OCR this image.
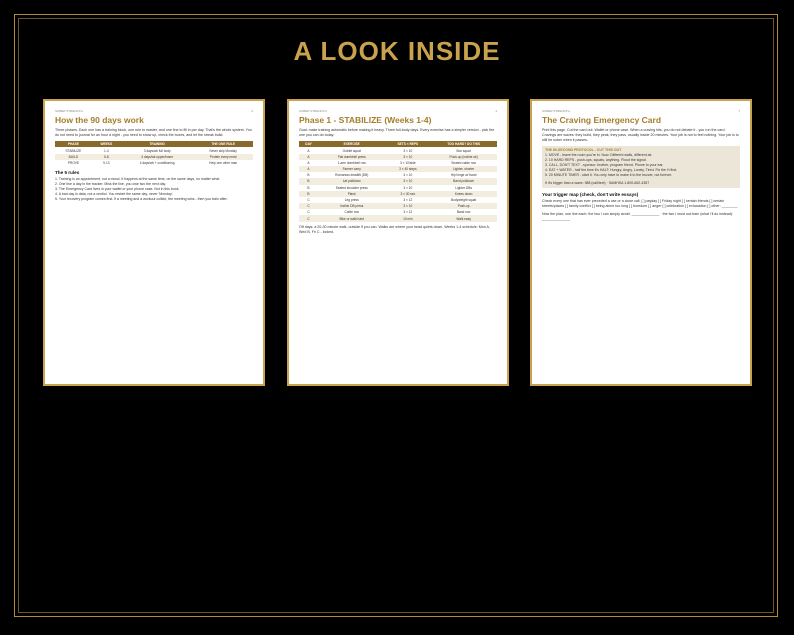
A LOOK INSIDE
SOBER STRENGTH	2
How the 90 days work
Three phases. Each one has a training block, one rule to master, and one line to fill in per day. That's the whole system. You do not need to journal for an hour a night - you need to show up, check the boxes, and let the streak build.
PHASE	WEEKS	TRAINING	THE ONE RULE
STABILIZE	1-4	3 days/wk full body	Never skip Monday
BUILD	5-8	4 days/wk upper/lower	Protein every meal
PROVE	9-13	4 days/wk + conditioning	Help one other man
The 5 rules
1. Training is an appointment, not a mood. It happens at the same time, on the same days, no matter what.
2. One line a day in the tracker. Miss the line, you owe two the next day.
3. The Emergency Card lives in your wallet or your phone case. Not in this book.
4. A bad day is data, not a verdict. You restart the same day, never 'Monday'.
5. Your recovery program comes first. If a meeting and a workout collide, the meeting wins - then you train after.
SOBER STRENGTH	4
Phase 1 - STABILIZE (Weeks 1-4)
Goal: make training automatic before making it heavy. Three full-body days. Every exercise has a simpler version - pick the one you can do today.
DAY	EXERCISE	SETS × REPS	TOO HARD? DO THIS
A	Goblet squat	3 × 10	Box squat
A	Flat dumbbell press	3 × 10	Push-up (incline ok)
A	1-arm dumbbell row	3 × 10/side	Seated cable row
A	Farmer carry	3 × 40 steps	Lighter, shorter
B	Romanian deadlift (DB)	3 × 10	Hip hinge w/ band
B	Lat pulldown	3 × 10	Band pulldown
B	Seated shoulder press	3 × 10	Lighter DBs
B	Plank	3 × 30 sec	Knees down
C	Leg press	3 × 12	Bodyweight squat
C	Incline DB press	3 × 10	Push-up
C	Cable row	3 × 12	Band row
C	Bike or walk hard	10 min	Walk easy
Off days: a 20-30 minute walk, outside if you can. Walks are where your head quiets down. Weeks 1-4 schedule: Mon A, Wed B, Fri C - locked.
SOBER STRENGTH	7
The Craving Emergency Card
Print this page. Cut the card out. Wallet or phone case. When a craving hits, you do not debate it - you run the card. Cravings are waves: they build, they peak, they pass, usually inside 20 minutes. Your job is not to feel nothing. Your job is to still be sober when it passes.
THE 60-SECOND PROTOCOL - CUT THIS OUT
1. MOVE - leave the room you're in. Now. Different walls, different air.
2. 10 HARD REPS - push-ups, squats, anything. Flood the signal.
3. CALL, DON'T TEXT - sponsor, brother, program friend. Phone to your ear.
4. EAT + WATER - half the time it's HALT: Hungry, Angry, Lonely, Tired. Fix the H first.
5. 20 MINUTE TIMER - start it. You only have to make it to the buzzer, not forever.
If it's bigger than a wave: 988 (call/text) · SAMHSA 1-800-662-4357
Your trigger map (check, don't write essays)
Check every one that has ever preceded a use or a close call: [ ] payday [ ] Friday night [ ] certain friends [ ] certain streets/places [ ] family conflict [ ] being alone too long [ ] boredom [ ] anger [ ] celebration [ ] exhaustion [ ] other: ________
Now the plan, one line each: the two I can simply avoid: ______________ · the two I must out-train (what I'll do instead): ______________
